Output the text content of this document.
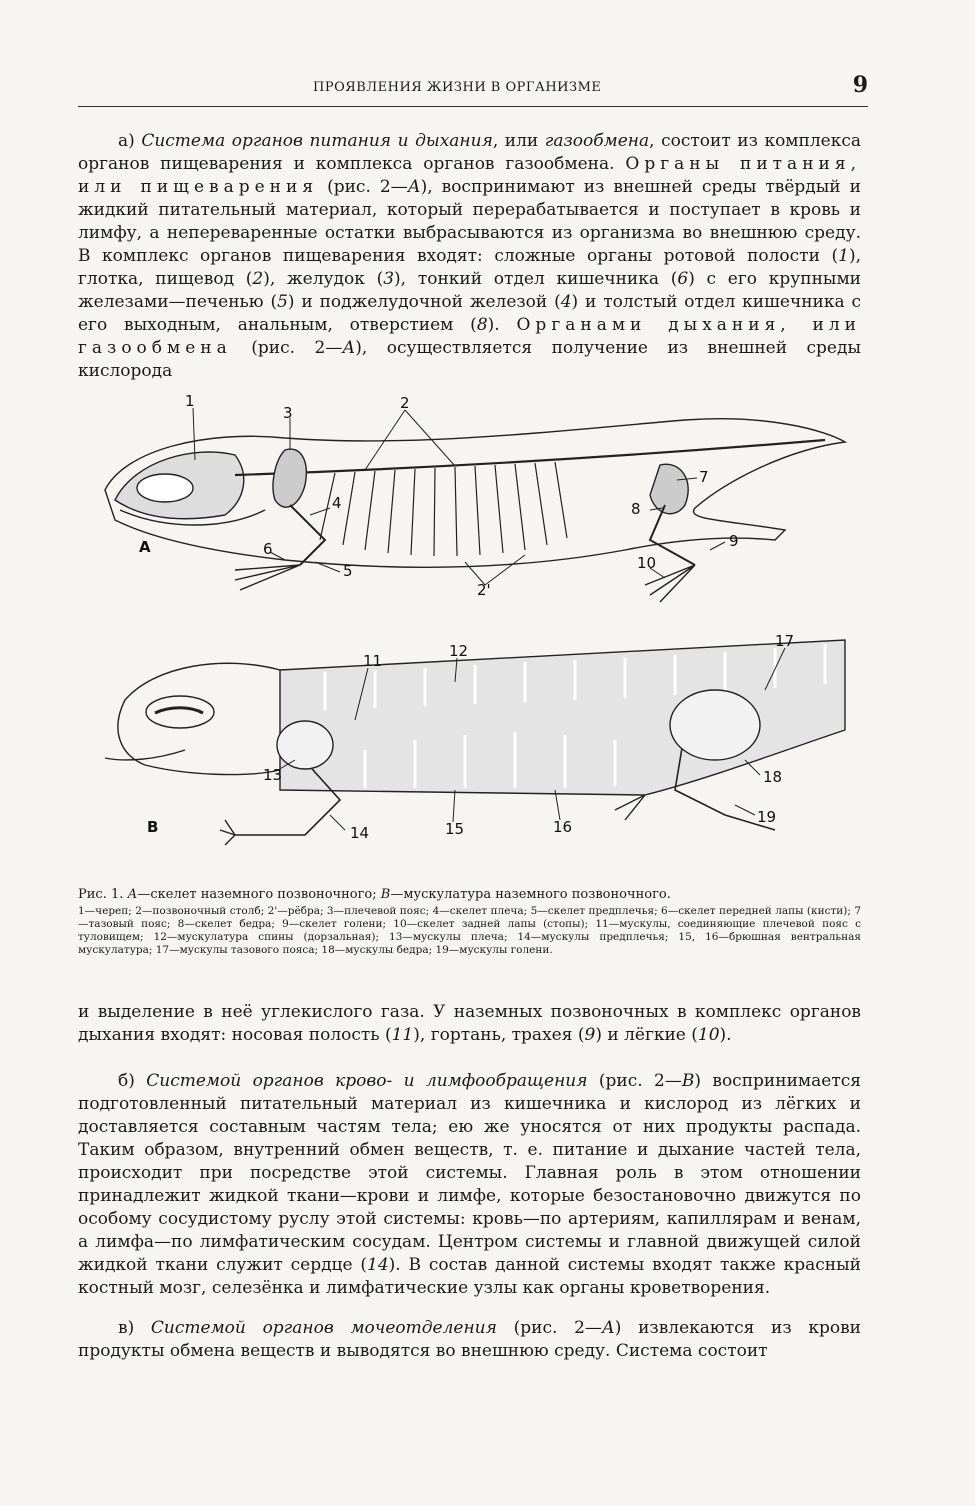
ПРОЯВЛЕНИЯ ЖИЗНИ В ОРГАНИЗМЕ	9

а) Система органов питания и дыхания, или газообмена, состоит из комплекса органов пищеварения и комплекса органов газообмена. Органы питания, или пищеварения (рис. 2—А), воспринимают из внешней среды твёрдый и жидкий питательный материал, который перерабатывается и поступает в кровь и лимфу, а непереваренные остатки выбрасываются из организма во внешнюю среду. В комплекс органов пищеварения входят: сложные органы ротовой полости (1), глотка, пищевод (2), желудок (3), тонкий отдел кишечника (6) с его крупными железами—печенью (5) и поджелудочной железой (4) и толстый отдел кишечника с его выходным, анальным, отверстием (8). Органами дыхания, или газообмена (рис. 2—А), осуществляется получение из внешней среды кислорода

1
3
2
7
8
4
6
5
2'
10
9
А
11
12
17
18
13
14	15	16
19
В
Рис. 1. А—скелет наземного позвоночного; В—мускулатура наземного позвоночного.
1—череп; 2—позвоночный столб; 2'—рёбра; 3—плечевой пояс; 4—скелет плеча; 5—скелет предплечья; 6—скелет передней лапы (кисти); 7—тазовый пояс; 8—скелет бедра; 9—скелет голени; 10—скелет задней лапы (стопы); 11—мускулы, соединяющие плечевой пояс с туловищем; 12—мускулатура спины (дорзальная); 13—мускулы плеча; 14—мускулы предплечья; 15, 16—брюшная вентральная мускулатура; 17—мускулы тазового пояса; 18—мускулы бедра; 19—мускулы голени.

и выделение в неё углекислого газа. У наземных позвоночных в комплекс органов дыхания входят: носовая полость (11), гортань, трахея (9) и лёгкие (10).

б) Системой органов крово- и лимфообращения (рис. 2—В) воспринимается подготовленный питательный материал из кишечника и кислород из лёгких и доставляется составным частям тела; ею же уносятся от них продукты распада. Таким образом, внутренний обмен веществ, т. е. питание и дыхание частей тела, происходит при посредстве этой системы. Главная роль в этом отношении принадлежит жидкой ткани—крови и лимфе, которые безостановочно движутся по особому сосудистому руслу этой системы: кровь—по артериям, капиллярам и венам, а лимфа—по лимфатическим сосудам. Центром системы и главной движущей силой жидкой ткани служит сердце (14). В состав данной системы входят также красный костный мозг, селезёнка и лимфатические узлы как органы кроветворения.

в) Системой органов мочеотделения (рис. 2—А) извлекаются из крови продукты обмена веществ и выводятся во внешнюю среду. Система состоит
